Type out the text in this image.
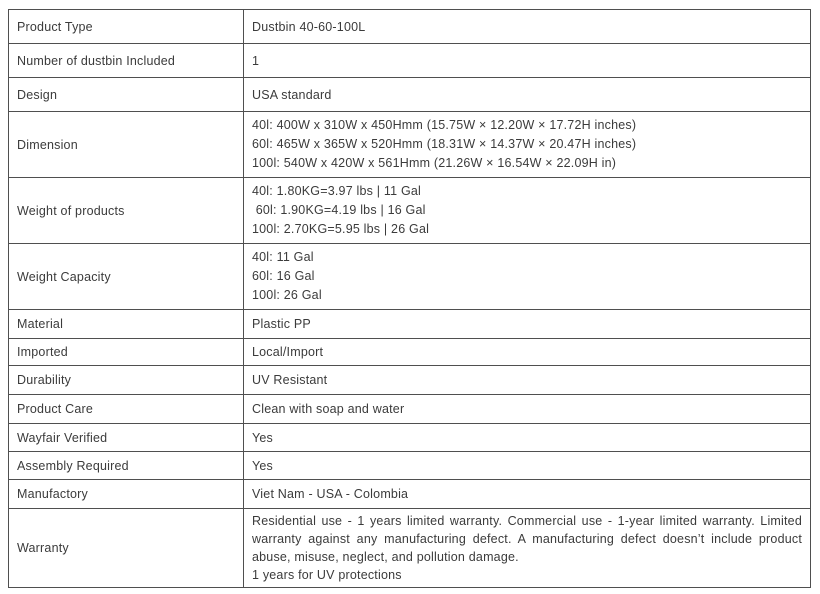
Product Type	Dustbin 40-60-100L
Number of dustbin Included	1
Design	USA standard
Dimension	40l: 400W x 310W x 450Hmm (15.75W × 12.20W × 17.72H inches)
60l: 465W x 365W x 520Hmm (18.31W × 14.37W × 20.47H inches)
100l: 540W x 420W x 561Hmm (21.26W × 16.54W × 22.09H in)

Weight of products	40l: 1.80KG=3.97 lbs | 11 Gal
60l: 1.90KG=4.19 lbs | 16 Gal
100l: 2.70KG=5.95 lbs | 26 Gal

Weight Capacity	40l: 11 Gal
60l: 16 Gal
100l: 26 Gal

Material	Plastic PP
Imported	Local/Import
Durability	UV Resistant
Product Care	Clean with soap and water
Wayfair Verified	Yes
Assembly Required	Yes
Manufactory	Viet Nam - USA - Colombia
Warranty	Residential use - 1 years limited warranty. Commercial use - 1-year limited warranty. Limited warranty against any manufacturing defect. A manufacturing defect doesn’t include product abuse, misuse, neglect, and pollution damage.
1 years for UV protections
